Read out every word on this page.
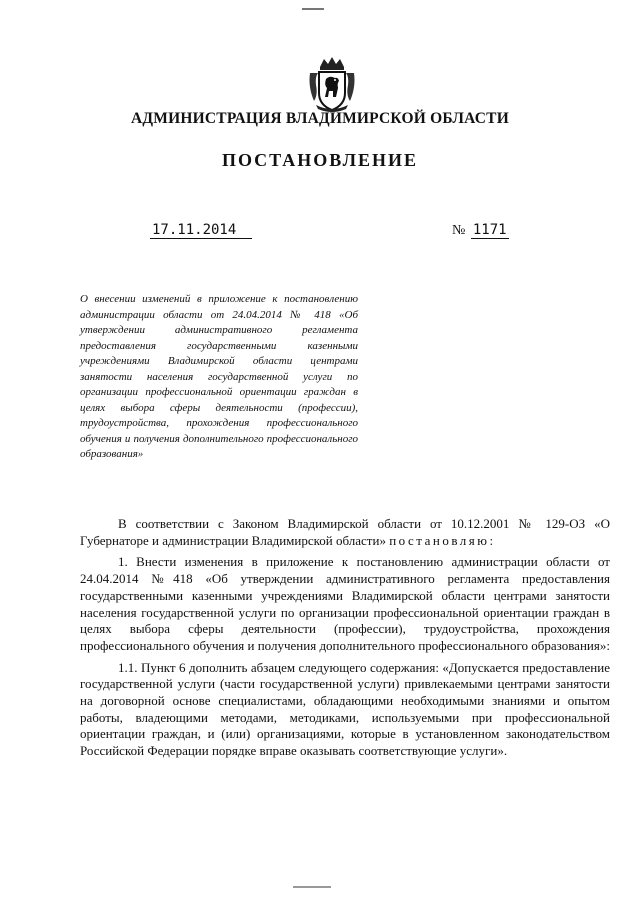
АДМИНИСТРАЦИЯ ВЛАДИМИРСКОЙ ОБЛАСТИ
ПОСТАНОВЛЕНИЕ
17.11.2014	№ 1171
О внесении изменений в приложение к постановлению администрации области от 24.04.2014 № 418 «Об утверждении административного регламента предоставления государственными казенными учреждениями Владимирской области центрами занятости населения государственной услуги по организации профессиональной ориентации граждан в целях выбора сферы деятельности (профессии), трудоустройства, прохождения профессионального обучения и получения дополнительного профессионального образования»

В соответствии с Законом Владимирской области от 10.12.2001 № 129-ОЗ «О Губернаторе и администрации Владимирской области» постановляю:

1. Внести изменения в приложение к постановлению администрации области от 24.04.2014 №418 «Об утверждении административного регламента предоставления государственными казенными учреждениями Владимирской области центрами занятости населения государственной услуги по организации профессиональной ориентации граждан в целях выбора сферы деятельности (профессии), трудоустройства, прохождения профессионального обучения и получения дополнительного профессионального образования»:

1.1. Пункт 6 дополнить абзацем следующего содержания: «Допускается предоставление государственной услуги (части государственной услуги) привлекаемыми центрами занятости на договорной основе специалистами, обладающими необходимыми знаниями и опытом работы, владеющими методами, методиками, используемыми при профессиональной ориентации граждан, и (или) организациями, которые в установленном законодательством Российской Федерации порядке вправе оказывать соответствующие услуги».
